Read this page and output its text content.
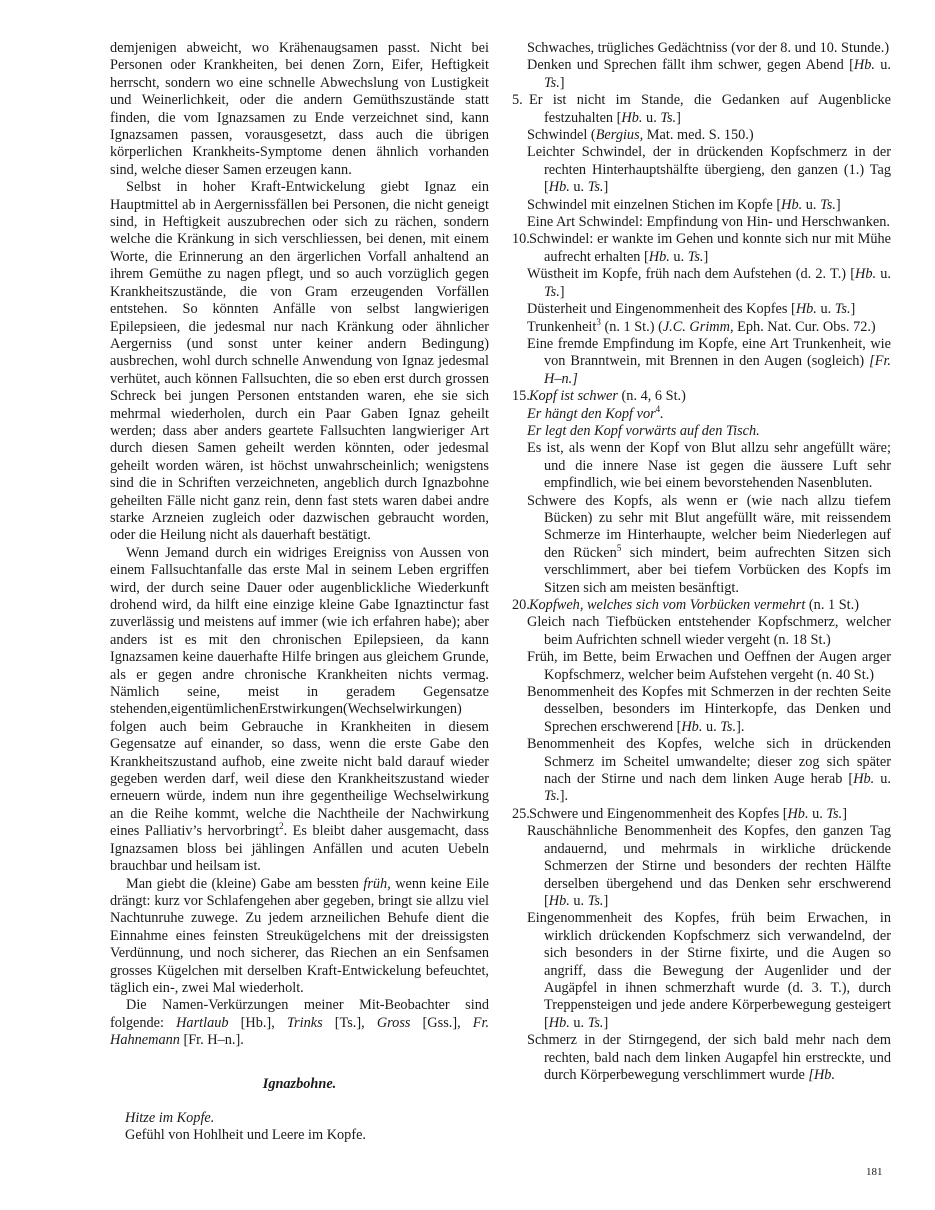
demjenigen abweicht, wo Krähenaugsamen passt. Nicht bei Personen oder Krankheiten, bei denen Zorn, Eifer, Heftigkeit herrscht, sondern wo eine schnelle Abwechslung von Lustigkeit und Weinerlichkeit, oder die andern Gemüthszustände statt finden, die vom Ignazsamen zu Ende verzeichnet sind, kann Ignazsamen passen, vorausgesetzt, dass auch die übrigen körperlichen Krankheits-Symptome denen ähnlich vorhanden sind, welche dieser Samen erzeugen kann.

Selbst in hoher Kraft-Entwickelung giebt Ignaz ein Hauptmittel ab in Aergernissfällen bei Personen, die nicht geneigt sind, in Heftigkeit auszubrechen oder sich zu rächen, sondern welche die Kränkung in sich verschliessen, bei denen, mit einem Worte, die Erinnerung an den ärgerlichen Vorfall anhaltend an ihrem Gemüthe zu nagen pflegt, und so auch vorzüglich gegen Krankheitszustände, die von Gram erzeugenden Vorfällen entstehen. So könnten Anfälle von selbst langwierigen Epilepsieen, die jedesmal nur nach Kränkung oder ähnlicher Aergerniss (und sonst unter keiner andern Bedingung) ausbrechen, wohl durch schnelle Anwendung von Ignaz jedesmal verhütet, auch können Fallsuchten, die so eben erst durch grossen Schreck bei jungen Personen entstanden waren, ehe sie sich mehrmal wiederholen, durch ein Paar Gaben Ignaz geheilt werden; dass aber anders geartete Fallsuchten langwieriger Art durch diesen Samen geheilt werden könnten, oder jedesmal geheilt worden wären, ist höchst unwahrscheinlich; wenigstens sind die in Schriften verzeichneten, angeblich durch Ignazbohne geheilten Fälle nicht ganz rein, denn fast stets waren dabei andre starke Arzneien zugleich oder dazwischen gebraucht worden, oder die Heilung nicht als dauerhaft bestätigt.

Wenn Jemand durch ein widriges Ereigniss von Aussen von einem Fallsuchtanfalle das erste Mal in seinem Leben ergriffen wird, der durch seine Dauer oder augenblickliche Wiederkunft drohend wird, da hilft eine einzige kleine Gabe Ignaztinctur fast zuverlässig und meistens auf immer (wie ich erfahren habe); aber anders ist es mit den chronischen Epilepsieen, da kann Ignazsamen keine dauerhafte Hilfe bringen aus gleichem Grunde, als er gegen andre chronische Krankheiten nichts vermag. Nämlich seine, meist in geradem Gegensatze stehenden,eigentümlichenErstwirkungen(Wechselwirkungen) folgen auch beim Gebrauche in Krankheiten in diesem Gegensatze auf einander, so dass, wenn die erste Gabe den Krankheitszustand aufhob, eine zweite nicht bald darauf wieder gegeben werden darf, weil diese den Krankheitszustand wieder erneuern würde, indem nun ihre gegentheilige Wechselwirkung an die Reihe kommt, welche die Nachtheile der Nachwirkung eines Palliativ’s hervorbringt$^2$. Es bleibt daher ausgemacht, dass Ignazsamen bloss bei jählingen Anfällen und acuten Uebeln brauchbar und heilsam ist.

Man giebt die (kleine) Gabe am bessten früh, wenn keine Eile drängt: kurz vor Schlafengehen aber gegeben, bringt sie allzu viel Nachtunruhe zuwege. Zu jedem arzneilichen Behufe dient die Einnahme eines feinsten Streukügelchens mit der dreissigsten Verdünnung, und noch sicherer, das Riechen an ein Senfsamen grosses Kügelchen mit derselben Kraft-Entwickelung befeuchtet, täglich ein-, zwei Mal wiederholt.

Die Namen-Verkürzungen meiner Mit-Beobachter sind folgende: Hartlaub [Hb.], Trinks [Ts.], Gross [Gss.], Fr. Hahnemann [Fr. H–n.].

Ignazbohne.

Hitze im Kopfe.

Gefühl von Hohlheit und Leere im Kopfe.

Schwaches, trügliches Gedächtniss (vor der 8. und 10. Stunde.)

Denken und Sprechen fällt ihm schwer, gegen Abend [Hb. u. Ts.]

5. Er ist nicht im Stande, die Gedanken auf Augenblicke festzuhalten [Hb. u. Ts.]

Schwindel (Bergius, Mat. med. S. 150.)

Leichter Schwindel, der in drückenden Kopfschmerz in der rechten Hinterhauptshälfte übergieng, den ganzen (1.) Tag [Hb. u. Ts.]

Schwindel mit einzelnen Stichen im Kopfe [Hb. u. Ts.]

Eine Art Schwindel: Empfindung von Hin- und Herschwanken.

10.Schwindel: er wankte im Gehen und konnte sich nur mit Mühe aufrecht erhalten [Hb. u. Ts.]

Wüstheit im Kopfe, früh nach dem Aufstehen (d. 2. T.) [Hb. u. Ts.]

Düsterheit und Eingenommenheit des Kopfes [Hb. u. Ts.]

Trunkenheit$^3$ (n. 1 St.) (J.C. Grimm, Eph. Nat. Cur. Obs. 72.)

Eine fremde Empfindung im Kopfe, eine Art Trunkenheit, wie von Branntwein, mit Brennen in den Augen (sogleich) [Fr. H–n.]

15.Kopf ist schwer (n. 4, 6 St.)

Er hängt den Kopf vor$^4$.

Er legt den Kopf vorwärts auf den Tisch.

Es ist, als wenn der Kopf von Blut allzu sehr angefüllt wäre; und die innere Nase ist gegen die äussere Luft sehr empfindlich, wie bei einem bevorstehenden Nasenbluten.

Schwere des Kopfs, als wenn er (wie nach allzu tiefem Bücken) zu sehr mit Blut angefüllt wäre, mit reissendem Schmerze im Hinterhaupte, welcher beim Niederlegen auf den Rücken$^5$ sich mindert, beim aufrechten Sitzen sich verschlimmert, aber bei tiefem Vorbücken des Kopfs im Sitzen sich am meisten besänftigt.

20.Kopfweh, welches sich vom Vorbücken vermehrt (n. 1 St.)

Gleich nach Tiefbücken entstehender Kopfschmerz, welcher beim Aufrichten schnell wieder vergeht (n. 18 St.)

Früh, im Bette, beim Erwachen und Oeffnen der Augen arger Kopfschmerz, welcher beim Aufstehen vergeht (n. 40 St.)

Benommenheit des Kopfes mit Schmerzen in der rechten Seite desselben, besonders im Hinterkopfe, das Denken und Sprechen erschwerend [Hb. u. Ts.].

Benommenheit des Kopfes, welche sich in drückenden Schmerz im Scheitel umwandelte; dieser zog sich später nach der Stirne und nach dem linken Auge herab [Hb. u. Ts.].

25.Schwere und Eingenommenheit des Kopfes [Hb. u. Ts.]

Rauschähnliche Benommenheit des Kopfes, den ganzen Tag andauernd, und mehrmals in wirkliche drückende Schmerzen der Stirne und besonders der rechten Hälfte derselben übergehend und das Denken sehr erschwerend [Hb. u. Ts.]

Eingenommenheit des Kopfes, früh beim Erwachen, in wirklich drückenden Kopfschmerz sich verwandelnd, der sich besonders in der Stirne fixirte, und die Augen so angriff, dass die Bewegung der Augenlider und der Augäpfel in ihnen schmerzhaft wurde (d. 3. T.), durch Treppensteigen und jede andere Körperbewegung gesteigert [Hb. u. Ts.]

Schmerz in der Stirngegend, der sich bald mehr nach dem rechten, bald nach dem linken Augapfel hin erstreckte, und durch Körperbewegung verschlimmert wurde [Hb.

181
